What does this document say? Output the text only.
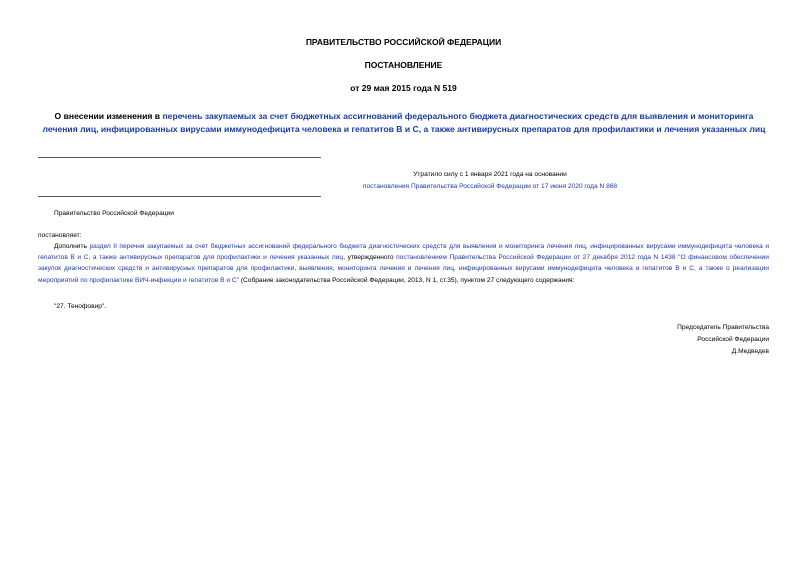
ПРАВИТЕЛЬСТВО РОССИЙСКОЙ ФЕДЕРАЦИИ
ПОСТАНОВЛЕНИЕ
от 29 мая 2015 года N 519
О внесении изменения в перечень закупаемых за счет бюджетных ассигнований федерального бюджета диагностических средств для выявления и мониторинга лечения лиц, инфицированных вирусами иммунодефицита человека и гепатитов В и С, а также антивирусных препаратов для профилактики и лечения указанных лиц
Утратило силу с 1 января 2021 года на основании
постановления Правительства Российской Федерации от 17 июня 2020 года N 868
Правительство Российской Федерации
постановляет:
Дополнить раздел II перечня закупаемых за счет бюджетных ассигнований федерального бюджета диагностических средств для выявления и мониторинга лечения лиц, инфицированных вирусами иммунодефицита человека и гепатитов В и С, а также антивирусных препаратов для профилактики и лечения указанных лиц, утвержденного постановлением Правительства Российской Федерации от 27 декабря 2012 года N 1438 "О финансовом обеспечении закупок диагностических средств и антивирусных препаратов для профилактики, выявления, мониторинга лечения и лечения лиц, инфицированных вирусами иммунодефицита человека и гепатитов В и С, а также о реализации мероприятий по профилактике ВИЧ-инфекции и гепатитов В и С" (Собрание законодательства Российской Федерации, 2013, N 1, ст.35), пунктом 27 следующего содержания:
"27. Тенофовир".
Председатель Правительства
Российской Федерации
Д.Медведев
